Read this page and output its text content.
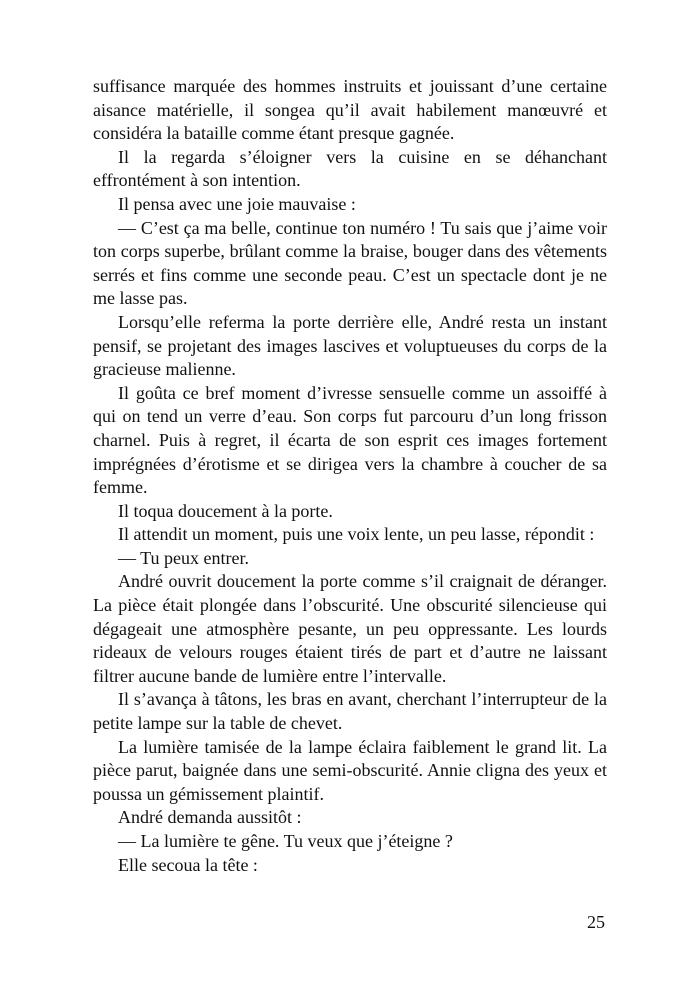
suffisance marquée des hommes instruits et jouissant d’une certaine aisance matérielle, il songea qu’il avait habilement manœuvré et considéra la bataille comme étant presque gagnée.

Il la regarda s’éloigner vers la cuisine en se déhanchant effrontément à son intention.

Il pensa avec une joie mauvaise :

— C’est ça ma belle, continue ton numéro ! Tu sais que j’aime voir ton corps superbe, brûlant comme la braise, bouger dans des vêtements serrés et fins comme une seconde peau. C’est un spectacle dont je ne me lasse pas.

Lorsqu’elle referma la porte derrière elle, André resta un instant pensif, se projetant des images lascives et voluptueuses du corps de la gracieuse malienne.

Il goûta ce bref moment d’ivresse sensuelle comme un assoiffé à qui on tend un verre d’eau. Son corps fut parcouru d’un long frisson charnel. Puis à regret, il écarta de son esprit ces images fortement imprégnées d’érotisme et se dirigea vers la chambre à coucher de sa femme.

Il toqua doucement à la porte.

Il attendit un moment, puis une voix lente, un peu lasse, répondit :

— Tu peux entrer.

André ouvrit doucement la porte comme s’il craignait de déranger. La pièce était plongée dans l’obscurité. Une obscurité silencieuse qui dégageait une atmosphère pesante, un peu oppressante. Les lourds rideaux de velours rouges étaient tirés de part et d’autre ne laissant filtrer aucune bande de lumière entre l’intervalle.

Il s’avança à tâtons, les bras en avant, cherchant l’interrupteur de la petite lampe sur la table de chevet.

La lumière tamisée de la lampe éclaira faiblement le grand lit. La pièce parut, baignée dans une semi-obscurité. Annie cligna des yeux et poussa un gémissement plaintif.

André demanda aussitôt :

— La lumière te gêne. Tu veux que j’éteigne ?

Elle secoua la tête :

25
